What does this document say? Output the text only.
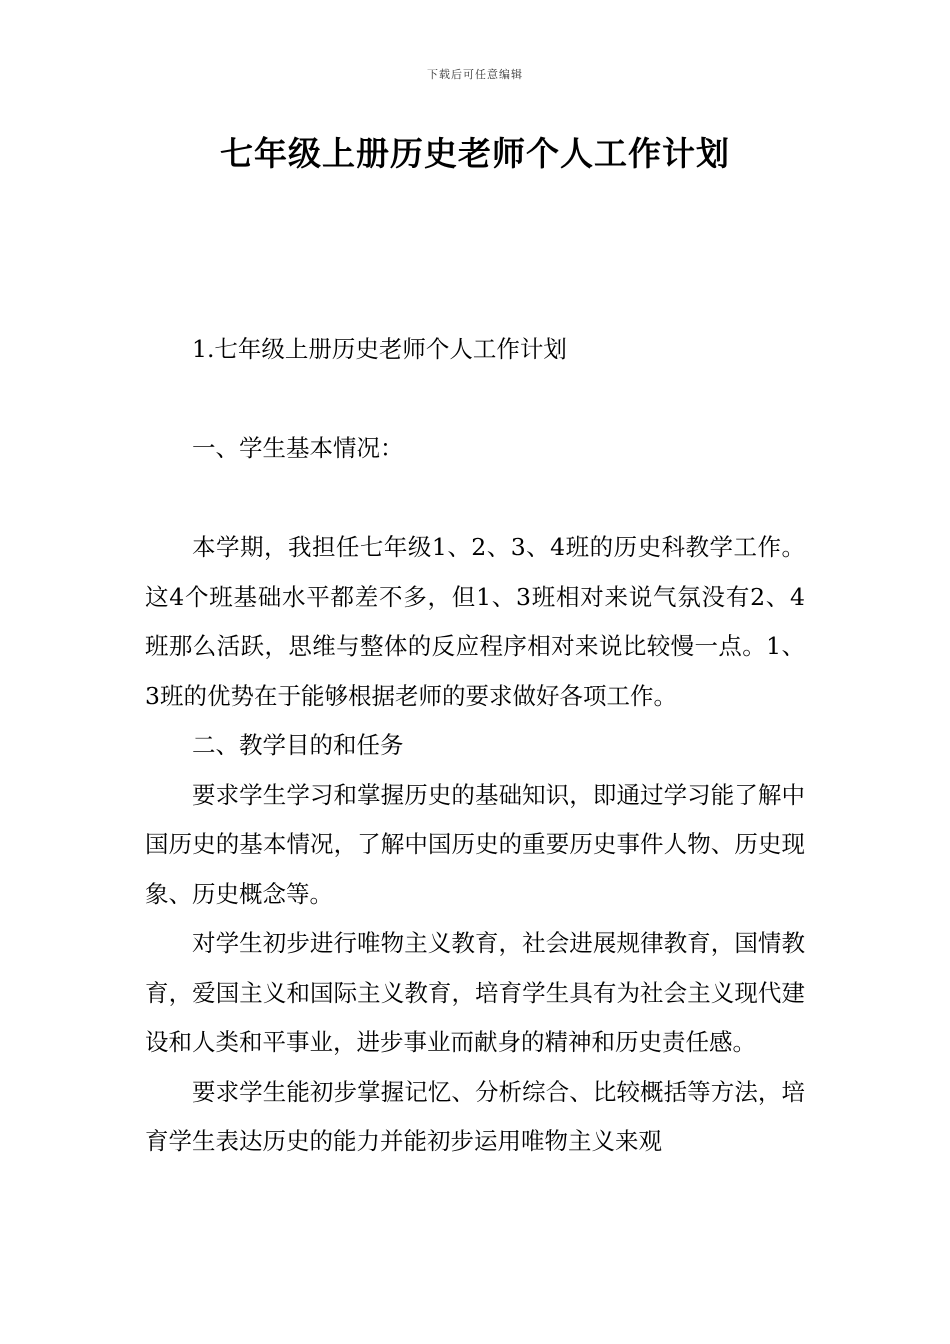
下载后可任意编辑
七年级上册历史老师个人工作计划

1.七年级上册历史老师个人工作计划

一、学生基本情况：

本学期，我担任七年级1、2、3、4班的历史科教学工作。这4个班基础水平都差不多，但1、3班相对来说气氛没有2、4班那么活跃，思维与整体的反应程序相对来说比较慢一点。1、3班的优势在于能够根据老师的要求做好各项工作。

二、教学目的和任务

要求学生学习和掌握历史的基础知识，即通过学习能了解中国历史的基本情况，了解中国历史的重要历史事件人物、历史现象、历史概念等。

对学生初步进行唯物主义教育，社会进展规律教育，国情教育，爱国主义和国际主义教育，培育学生具有为社会主义现代建设和人类和平事业，进步事业而献身的精神和历史责任感。

要求学生能初步掌握记忆、分析综合、比较概括等方法，培育学生表达历史的能力并能初步运用唯物主义来观
